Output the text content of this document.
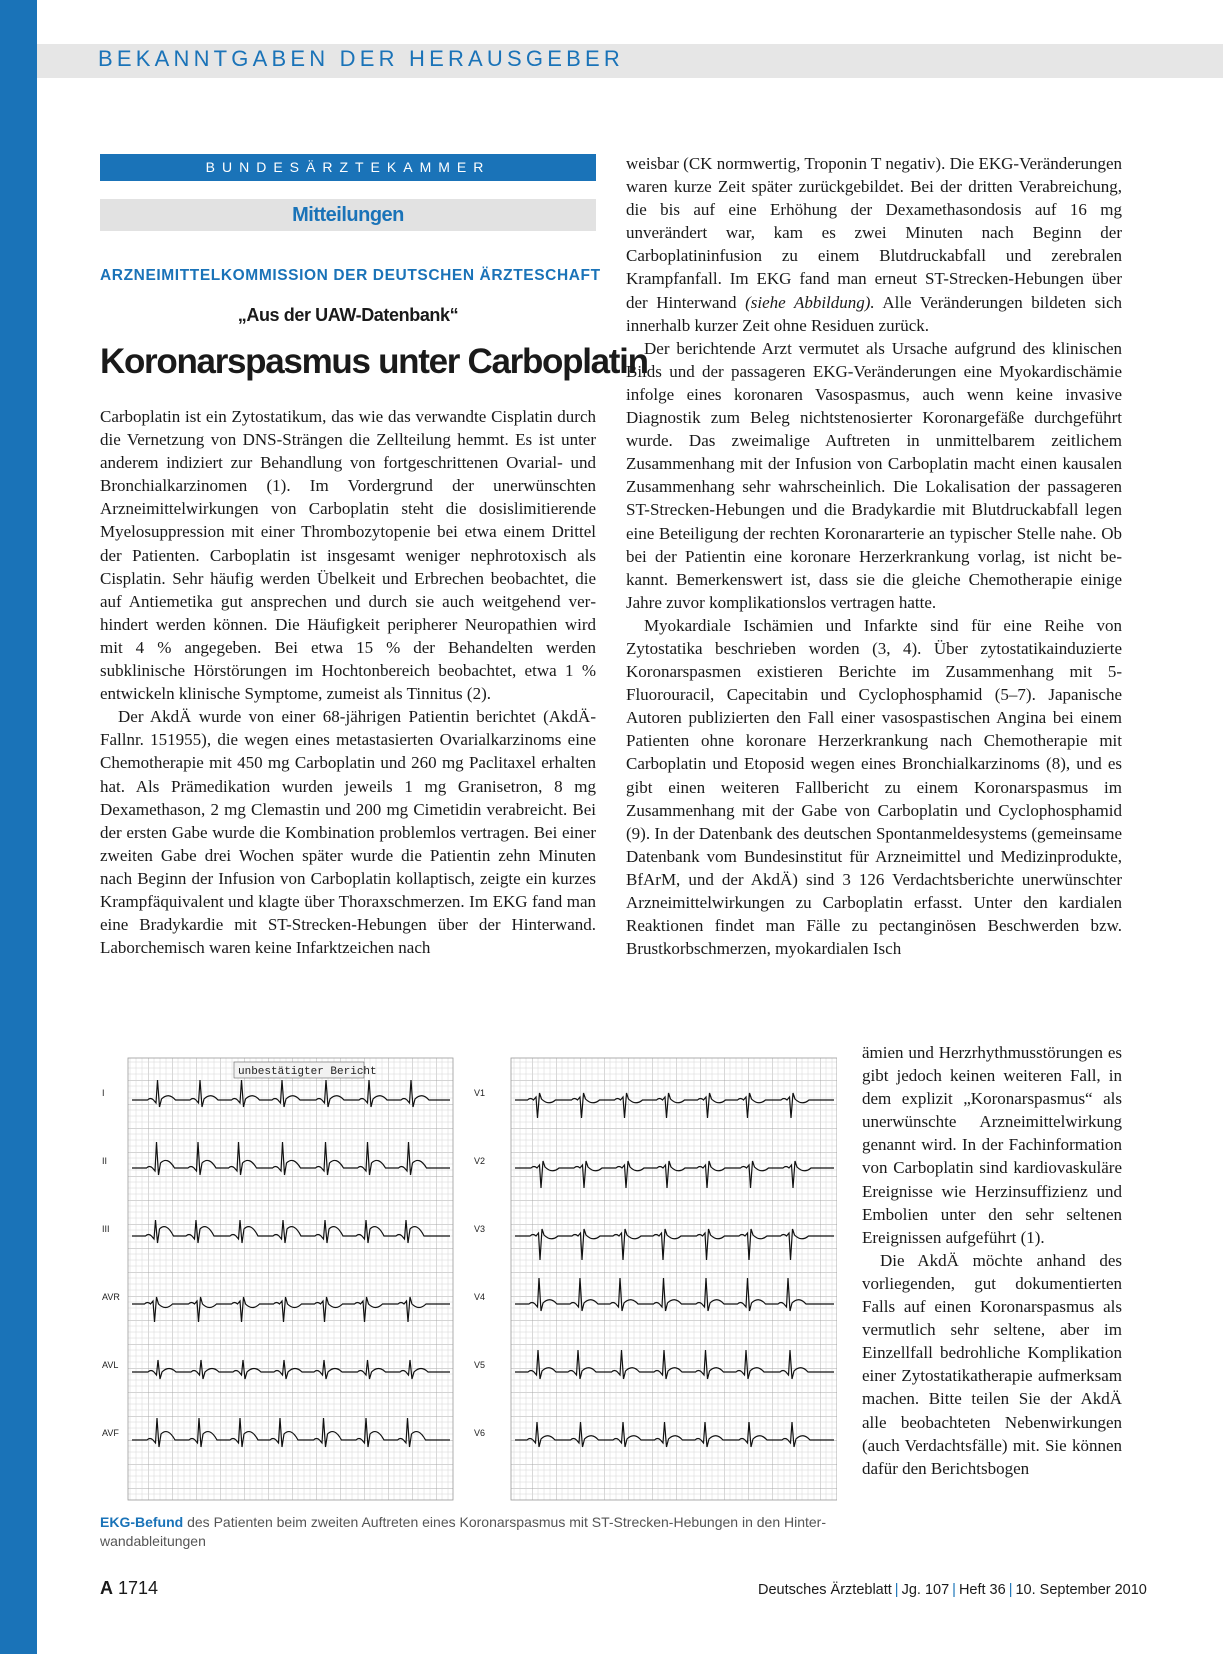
BEKANNTGABEN DER HERAUSGEBER
BUNDESÄRZTEKAMMER
Mitteilungen
ARZNEIMITTELKOMMISSION DER DEUTSCHEN ÄRZTESCHAFT
„Aus der UAW-Datenbank“
Koronarspasmus unter Carboplatin

Carboplatin ist ein Zytostatikum, das wie das verwandte Cisplatin durch die Vernetzung von DNS-Strängen die Zellteilung hemmt. Es ist unter anderem indiziert zur Behandlung von fortgeschrittenen Ovarial- und Bronchialkarzinomen (1). Im Vordergrund der unerwünschten Arzneimittelwirkungen von Carboplatin steht die dosislimitierende Myelosuppression mit einer Thrombozytopenie bei etwa einem Drittel der Patienten. Carboplatin ist insgesamt weniger nephrotoxisch als Cisplatin. Sehr häufig werden Übelkeit und Erbrechen beobachtet, die auf Antiemetika gut ansprechen und durch sie auch weitgehend verhindert werden können. Die Häufigkeit peripherer Neuropathien wird mit 4 % angegeben. Bei etwa 15 % der Behandelten werden subklinische Hörstörungen im Hochtonbereich beobachtet, etwa 1 % entwickeln klinische Symptome, zumeist als Tinnitus (2).

Der AkdÄ wurde von einer 68-jährigen Patientin berichtet (AkdÄ-Fallnr. 151955), die wegen eines metastasierten Ovarialkarzinoms eine Chemotherapie mit 450 mg Carboplatin und 260 mg Paclitaxel erhalten hat. Als Prämedikation wurden jeweils 1 mg Granisetron, 8 mg Dexamethason, 2 mg Clemastin und 200 mg Cimetidin verabreicht. Bei der ersten Gabe wurde die Kombination problemlos vertragen. Bei einer zweiten Gabe drei Wochen später wurde die Patientin zehn Minuten nach Beginn der Infusion von Carboplatin kollaptisch, zeigte ein kurzes Krampfäquivalent und klagte über Thoraxschmerzen. Im EKG fand man eine Bradykardie mit ST-Strecken-Hebungen über der Hinterwand. Laborchemisch waren keine Infarktzeichen nach

weisbar (CK normwertig, Troponin T negativ). Die EKG-Veränderungen waren kurze Zeit später zurückgebildet. Bei der dritten Verabreichung, die bis auf eine Erhöhung der Dexamethasondosis auf 16 mg unverändert war, kam es zwei Minuten nach Beginn der Carboplatininfusion zu einem Blutdruckabfall und zerebralen Krampfanfall. Im EKG fand man erneut ST-Strecken-Hebungen über der Hinterwand (siehe Abbildung). Alle Veränderungen bildeten sich innerhalb kurzer Zeit ohne Residuen zurück.

Der berichtende Arzt vermutet als Ursache aufgrund des klinischen Bilds und der passageren EKG-Veränderungen eine Myokardischämie infolge eines koronaren Vasospasmus, auch wenn keine invasive Diagnostik zum Beleg nichtstenosierter Koronargefäße durchgeführt wurde. Das zweimalige Auftreten in unmittelbarem zeitlichem Zusammenhang mit der Infusion von Carboplatin macht einen kausalen Zusammenhang sehr wahrscheinlich. Die Lokalisation der passageren ST-Strecken-Hebungen und die Bradykardie mit Blutdruckabfall legen eine Beteiligung der rechten Koronararterie an typischer Stelle nahe. Ob bei der Patientin eine koronare Herzerkrankung vorlag, ist nicht bekannt. Bemerkenswert ist, dass sie die gleiche Chemotherapie einige Jahre zuvor komplikationslos vertragen hatte.

Myokardiale Ischämien und Infarkte sind für eine Reihe von Zytostatika beschrieben worden (3, 4). Über zytostatikainduzierte Koronarspasmen existieren Berichte im Zusammenhang mit 5-Fluorouracil, Capecitabin und Cyclophosphamid (5–7). Japanische Autoren publizierten den Fall einer vasospastischen Angina bei einem Patienten ohne koronare Herzerkrankung nach Chemotherapie mit Carboplatin und Etoposid wegen eines Bronchialkarzinoms (8), und es gibt einen weiteren Fallbericht zu einem Koronarspasmus im Zusammenhang mit der Gabe von Carboplatin und Cyclophosphamid (9). In der Datenbank des deutschen Spontanmeldesystems (gemeinsame Datenbank vom Bundesinstitut für Arzneimittel und Medizinprodukte, BfArM, und der AkdÄ) sind 3 126 Verdachtsberichte unerwünschter Arzneimittelwirkungen zu Carboplatin erfasst. Unter den kardialen Reaktionen findet man Fälle zu pectanginösen Beschwerden bzw. Brustkorbschmerzen, myokardialen Isch

ämien und Herzrhythmusstörungen es gibt jedoch keinen weiteren Fall, in dem explizit „Koronarspasmus“ als unerwünschte Arzneimittelwirkung genannt wird. In der Fachinformation von Carboplatin sind kardiovaskuläre Ereignisse wie Herzinsuffizienz und Embolien unter den sehr seltenen Ereignissen aufgeführt (1).

Die AkdÄ möchte anhand des vorliegenden, gut dokumentierten Falls auf einen Koronarspasmus als vermutlich sehr seltene, aber im Einzellfall bedrohliche Komplikation einer Zytostatikatherapie aufmerksam machen. Bitte teilen Sie der AkdÄ alle beobachteten Nebenwirkungen (auch Verdachtsfälle) mit. Sie können dafür den Berichtsbogen

unbestätigter Bericht
I	V1
II	V2
III	V3
AVR	V4
AVL	V5
AVF	V6
EKG-Befund des Patienten beim zweiten Auftreten eines Koronarspasmus mit ST-Strecken-Hebungen in den Hinterwandableitungen
A 1714	Deutsches Ärzteblatt | Jg. 107 | Heft 36 | 10. September 2010
